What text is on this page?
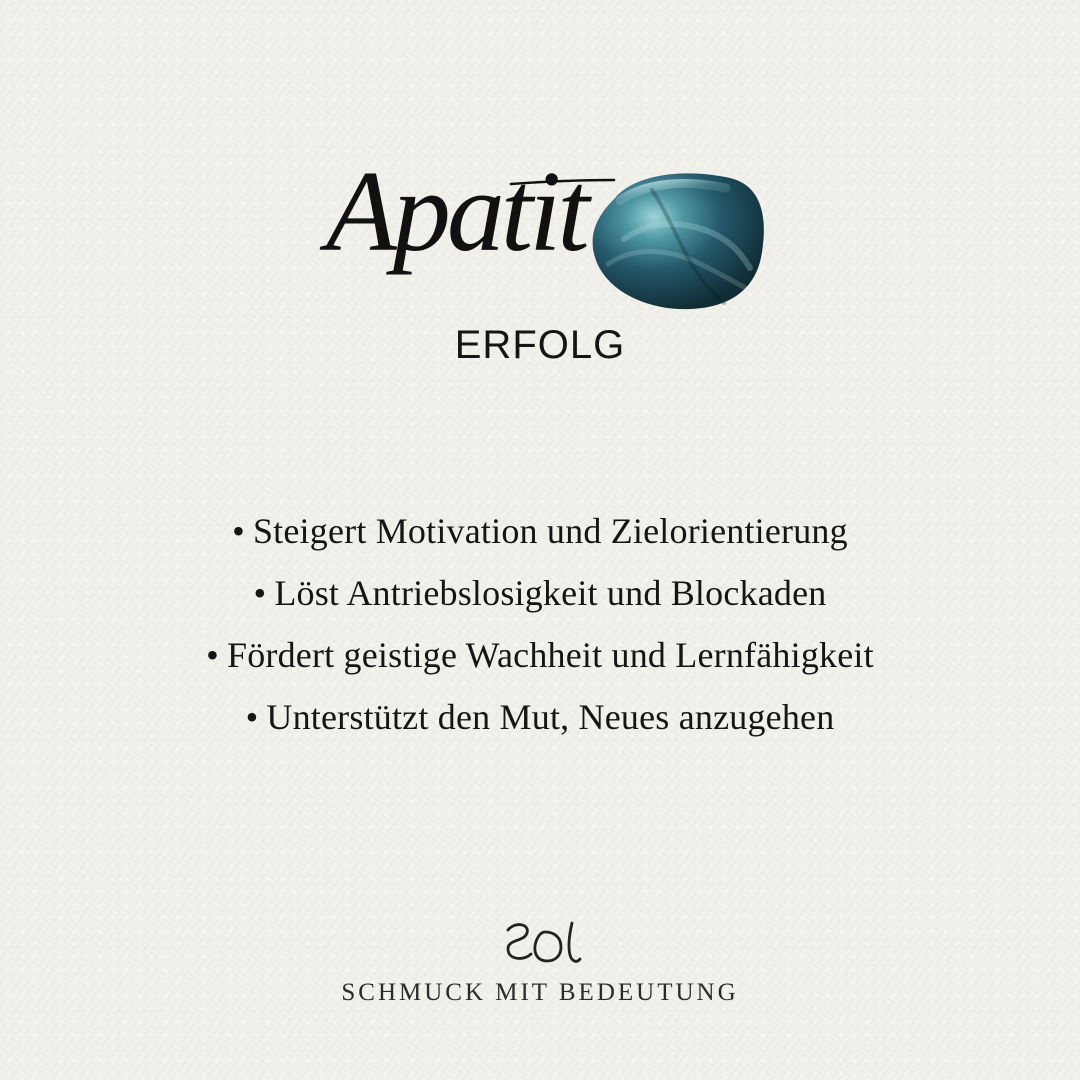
Apatit
ERFOLG
• Steigert Motivation und Zielorientierung
• Löst Antriebslosigkeit und Blockaden
• Fördert geistige Wachheit und Lernfähigkeit
• Unterstützt den Mut, Neues anzugehen
SCHMUCK MIT BEDEUTUNG
